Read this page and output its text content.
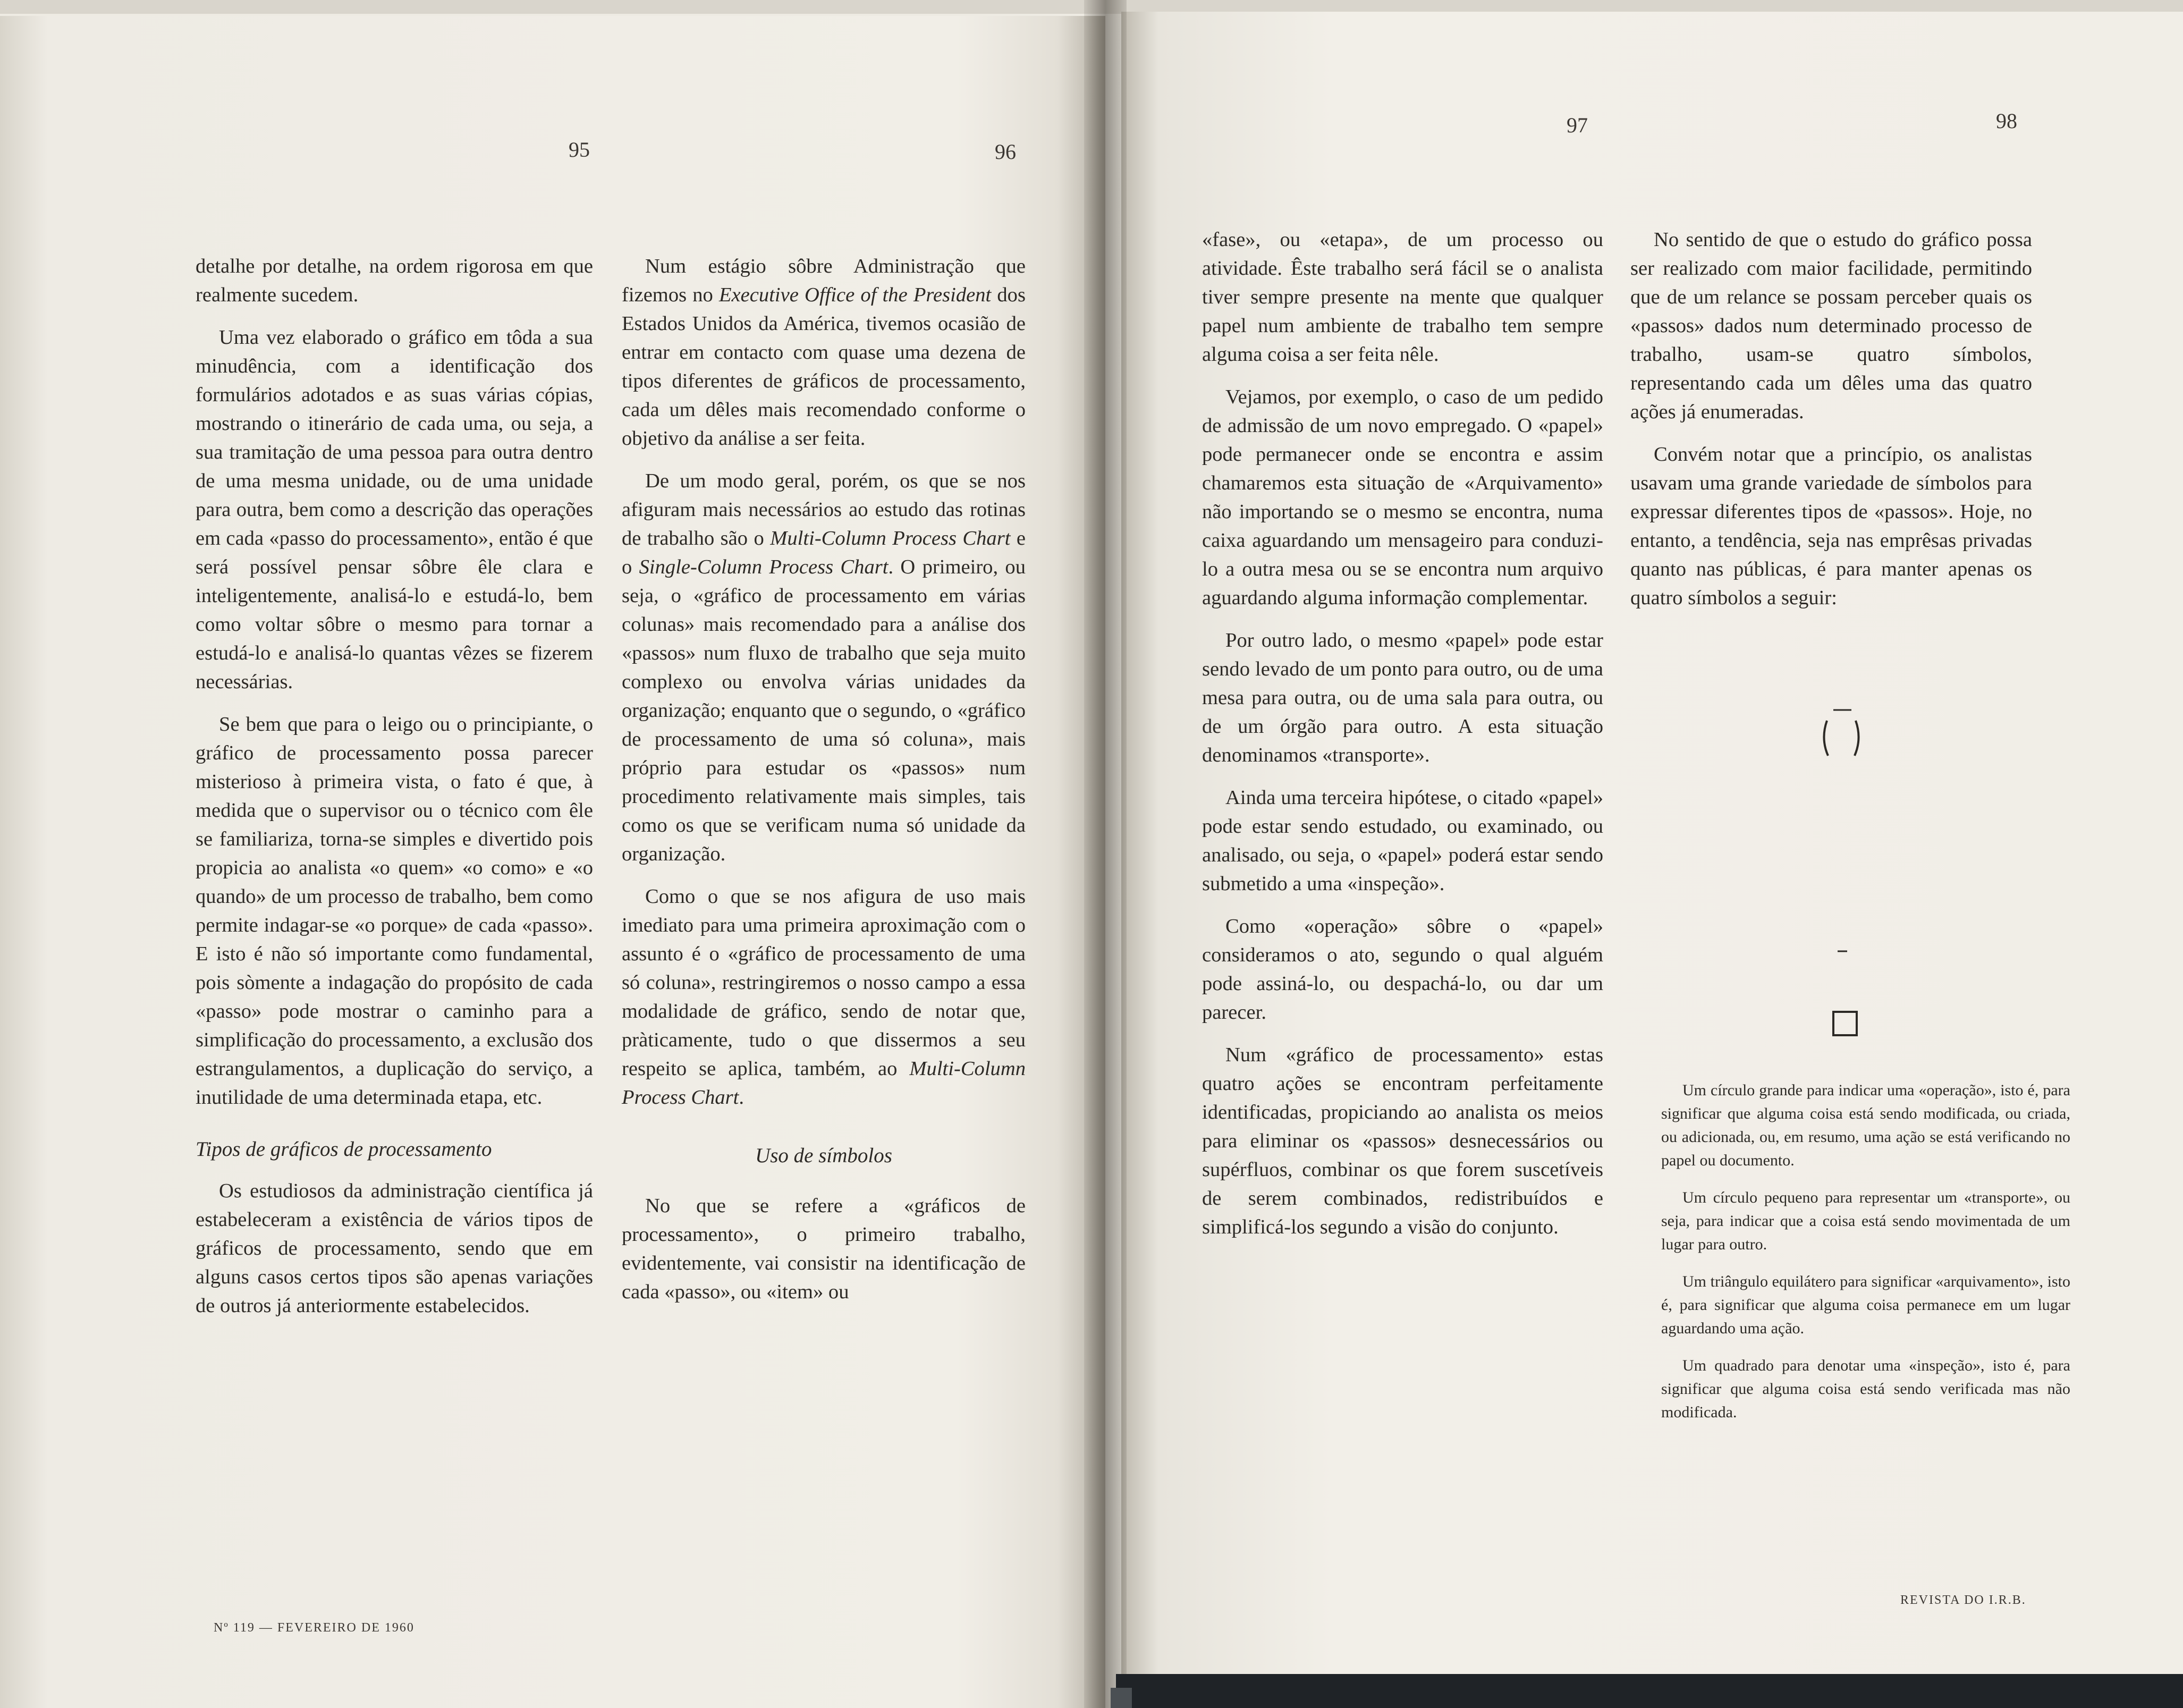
95	96
97	98

detalhe por detalhe, na ordem rigorosa em que realmente sucedem.

Uma vez elaborado o gráfico em tôda a sua minudência, com a identificação dos formulários adotados e as suas várias cópias, mostrando o itinerário de cada uma, ou seja, a sua tramitação de uma pessoa para outra dentro de uma mesma unidade, ou de uma unidade para outra, bem como a descrição das operações em cada «passo do processamento», então é que será possível pensar sôbre êle clara e inteligentemente, analisá-lo e estudá-lo, bem como voltar sôbre o mesmo para tornar a estudá-lo e analisá-lo quantas vêzes se fizerem necessárias.

Se bem que para o leigo ou o principiante, o gráfico de processamento possa parecer misterioso à primeira vista, o fato é que, à medida que o supervisor ou o técnico com êle se familiariza, torna-se simples e divertido pois propicia ao analista «o quem» «o como» e «o quando» de um processo de trabalho, bem como permite indagar-se «o porque» de cada «passo». E isto é não só importante como fundamental, pois sòmente a indagação do propósito de cada «passo» pode mostrar o caminho para a simplificação do processamento, a exclusão dos estrangulamentos, a duplicação do serviço, a inutilidade de uma determinada etapa, etc.

Tipos de gráficos de processamento

Os estudiosos da administração científica já estabeleceram a existência de vários tipos de gráficos de processamento, sendo que em alguns casos certos tipos são apenas variações de outros já anteriormente estabelecidos.

Num estágio sôbre Administração que fizemos no Executive Office of the President dos Estados Unidos da América, tivemos ocasião de entrar em contacto com quase uma dezena de tipos diferentes de gráficos de processamento, cada um dêles mais recomendado conforme o objetivo da análise a ser feita.

De um modo geral, porém, os que se nos afiguram mais necessários ao estudo das rotinas de trabalho são o Multi-Column Process Chart e o Single-Column Process Chart. O primeiro, ou seja, o «gráfico de processamento em várias colunas» mais recomendado para a análise dos «passos» num fluxo de trabalho que seja muito complexo ou envolva várias unidades da organização; enquanto que o segundo, o «gráfico de processamento de uma só coluna», mais próprio para estudar os «passos» num procedimento relativamente mais simples, tais como os que se verificam numa só unidade da organização.

Como o que se nos afigura de uso mais imediato para uma primeira aproximação com o assunto é o «gráfico de processamento de uma só coluna», restringiremos o nosso campo a essa modalidade de gráfico, sendo de notar que, pràticamente, tudo o que dissermos a seu respeito se aplica, também, ao Multi-Column Process Chart.

Uso de símbolos

No que se refere a «gráficos de processamento», o primeiro trabalho, evidentemente, vai consistir na identificação de cada «passo», ou «item» ou

«fase», ou «etapa», de um processo ou atividade. Êste trabalho será fácil se o analista tiver sempre presente na mente que qualquer papel num ambiente de trabalho tem sempre alguma coisa a ser feita nêle.

Vejamos, por exemplo, o caso de um pedido de admissão de um novo empregado. O «papel» pode permanecer onde se encontra e assim chamaremos esta situação de «Arquivamento» não importando se o mesmo se encontra, numa caixa aguardando um mensageiro para conduzi-lo a outra mesa ou se se encontra num arquivo aguardando alguma informação complementar.

Por outro lado, o mesmo «papel» pode estar sendo levado de um ponto para outro, ou de uma mesa para outra, ou de uma sala para outra, ou de um órgão para outro. A esta situação denominamos «transporte».

Ainda uma terceira hipótese, o citado «papel» pode estar sendo estudado, ou examinado, ou analisado, ou seja, o «papel» poderá estar sendo submetido a uma «inspeção».

Como «operação» sôbre o «papel» consideramos o ato, segundo o qual alguém pode assiná-lo, ou despachá-lo, ou dar um parecer.

Num «gráfico de processamento» estas quatro ações se encontram perfeitamente identificadas, propiciando ao analista os meios para eliminar os «passos» desnecessários ou supérfluos, combinar os que forem suscetíveis de serem combinados, redistribuídos e simplificá-los segundo a visão do conjunto.

No sentido de que o estudo do gráfico possa ser realizado com maior facilidade, permitindo que de um relance se possam perceber quais os «passos» dados num determinado processo de trabalho, usam-se quatro símbolos, representando cada um dêles uma das quatro ações já enumeradas.

Convém notar que a princípio, os analistas usavam uma grande variedade de símbolos para expressar diferentes tipos de «passos». Hoje, no entanto, a tendência, seja nas emprêsas privadas quanto nas públicas, é para manter apenas os quatro símbolos a seguir:

Um círculo grande para indicar uma «operação», isto é, para significar que alguma coisa está sendo modificada, ou criada, ou adicionada, ou, em resumo, uma ação se está verificando no papel ou documento.

Um círculo pequeno para representar um «transporte», ou seja, para indicar que a coisa está sendo movimentada de um lugar para outro.

Um triângulo equilátero para significar «arquivamento», isto é, para significar que alguma coisa permanece em um lugar aguardando uma ação.

Um quadrado para denotar uma «inspeção», isto é, para significar que alguma coisa está sendo verificada mas não modificada.

Nº 119 — FEVEREIRO DE 1960
REVISTA DO I.R.B.
